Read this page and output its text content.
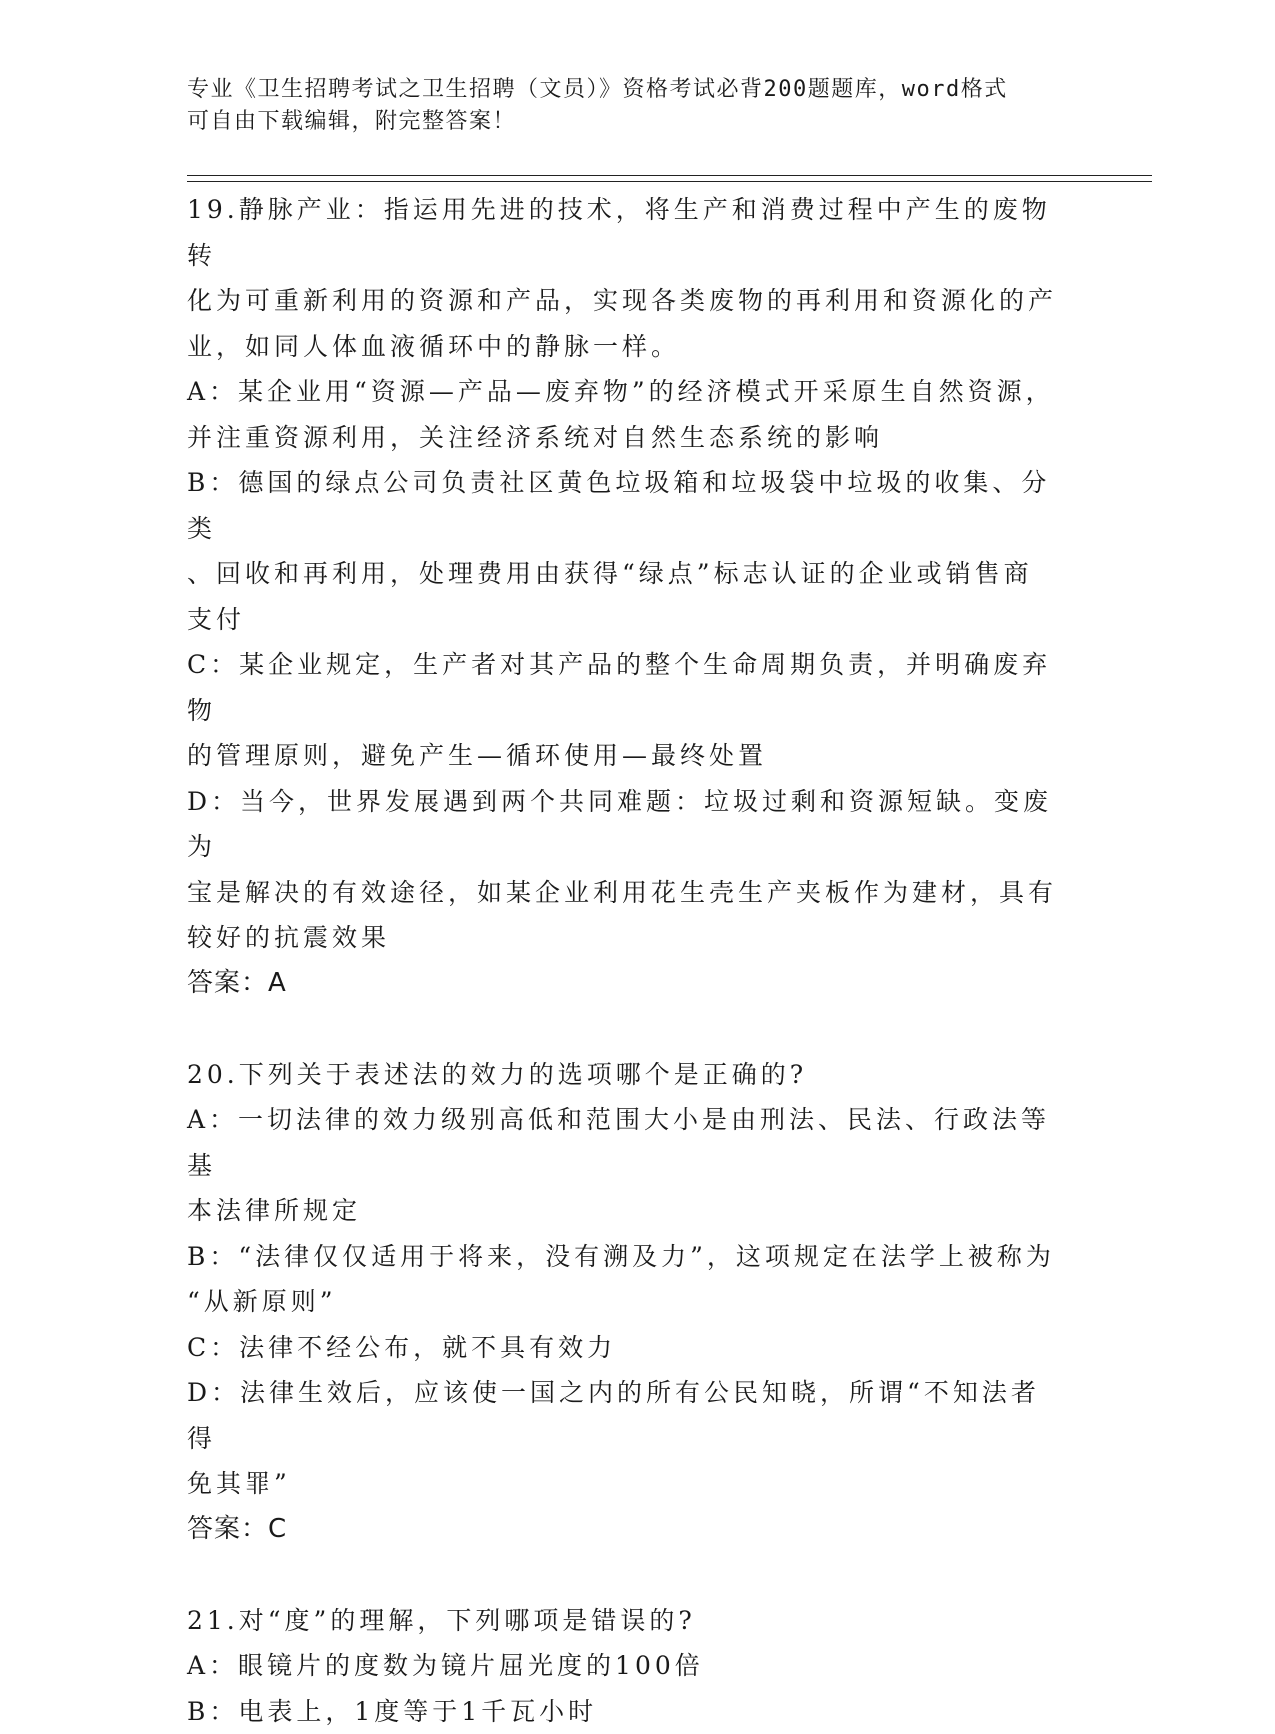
专业《卫生招聘考试之卫生招聘（文员）》资格考试必背200题题库，word格式
可自由下载编辑，附完整答案！

19.静脉产业：指运用先进的技术，将生产和消费过程中产生的废物转

化为可重新利用的资源和产品，实现各类废物的再利用和资源化的产

业，如同人体血液循环中的静脉一样。

A：某企业用“资源—产品—废弃物”的经济模式开采原生自然资源，

并注重资源利用，关注经济系统对自然生态系统的影响

B：德国的绿点公司负责社区黄色垃圾箱和垃圾袋中垃圾的收集、分类

、回收和再利用，处理费用由获得“绿点”标志认证的企业或销售商

支付

C：某企业规定，生产者对其产品的整个生命周期负责，并明确废弃物

的管理原则，避免产生—循环使用—最终处置

D：当今，世界发展遇到两个共同难题：垃圾过剩和资源短缺。变废为

宝是解决的有效途径，如某企业利用花生壳生产夹板作为建材，具有

较好的抗震效果

答案：A

20.下列关于表述法的效力的选项哪个是正确的?

A：一切法律的效力级别高低和范围大小是由刑法、民法、行政法等基

本法律所规定

B：“法律仅仅适用于将来，没有溯及力”，这项规定在法学上被称为

“从新原则”

C：法律不经公布，就不具有效力

D：法律生效后，应该使一国之内的所有公民知晓，所谓“不知法者得

免其罪”

答案：C

21.对“度”的理解，下列哪项是错误的?

A：眼镜片的度数为镜片屈光度的100倍

B：电表上，1度等于1千瓦小时
